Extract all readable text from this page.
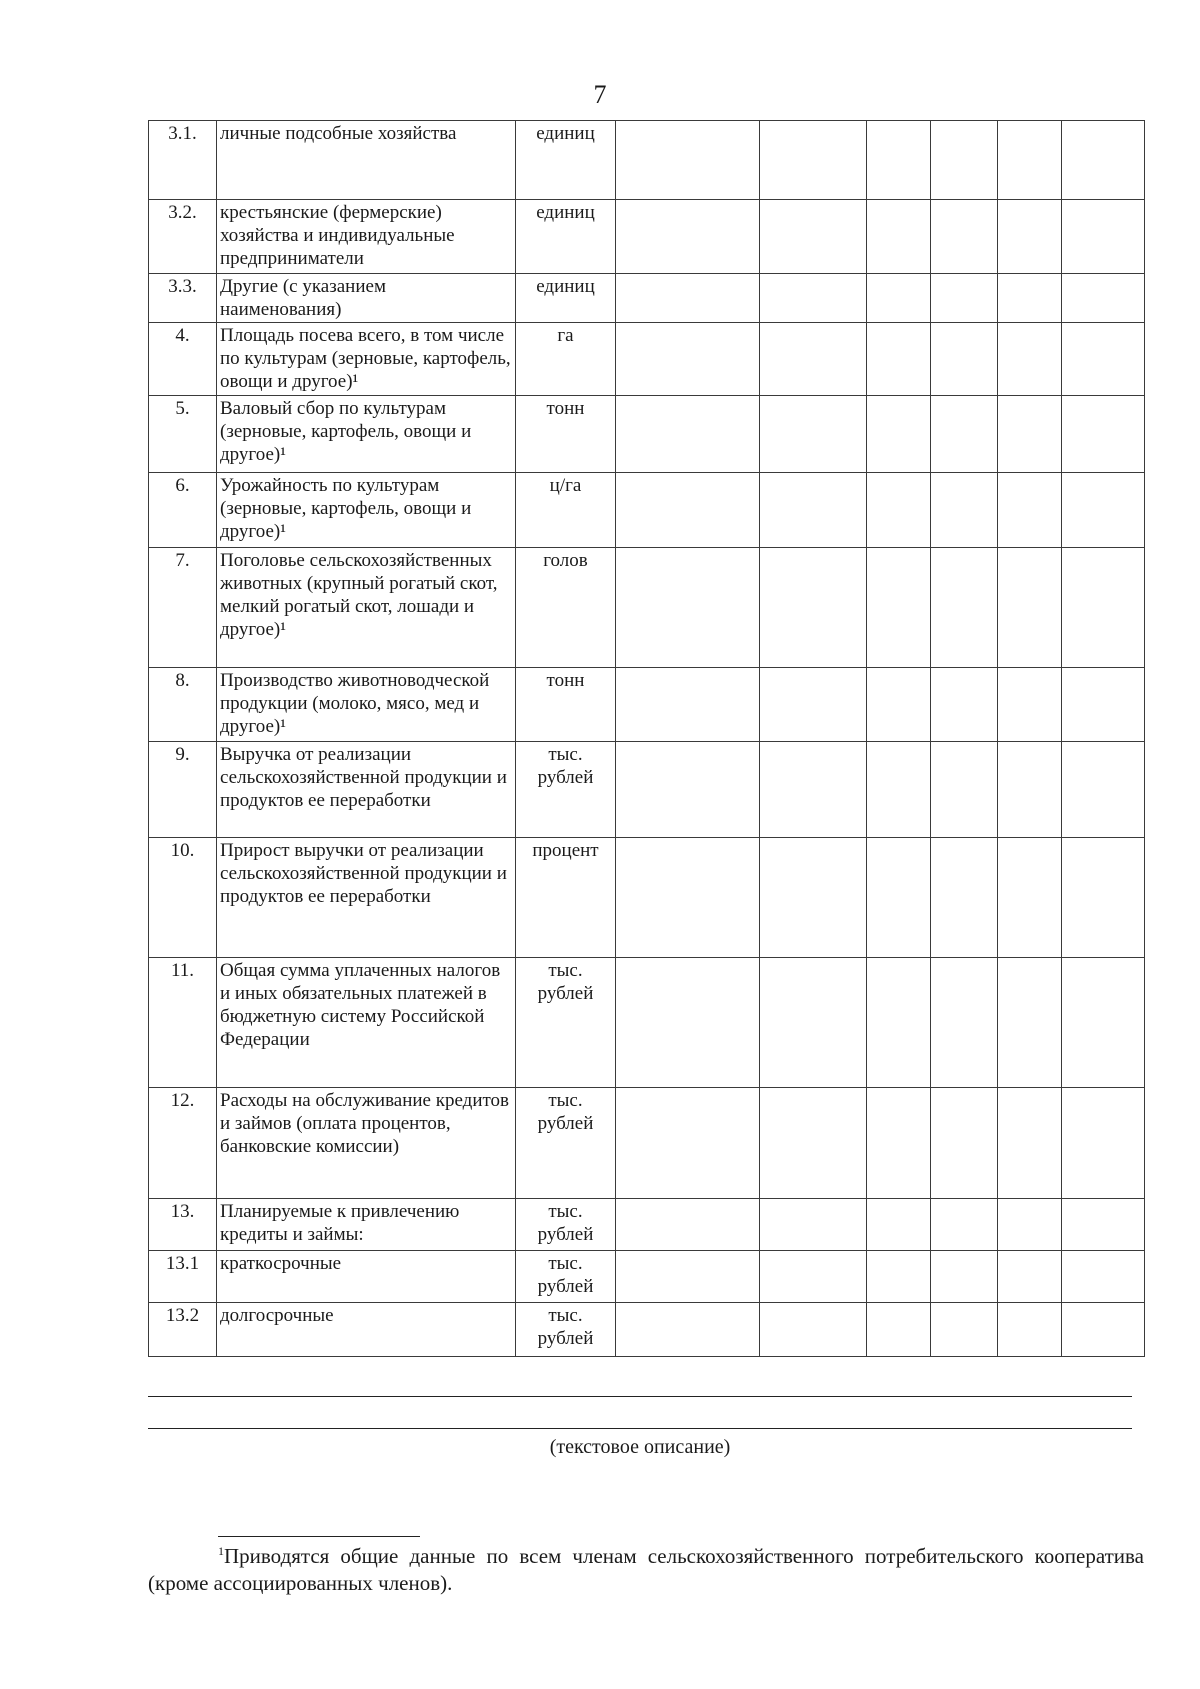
7
3.1.	личные подсобные хозяйства	единиц						
3.2.	крестьянские (фермерские) хозяйства и индивидуальные предприниматели	единиц						
3.3.	Другие (с указанием наименования)	единиц						
4.	Площадь посева всего, в том числе по культурам (зерновые, картофель, овощи и другое)¹	га						
5.	Валовый сбор по культурам (зерновые, картофель, овощи и другое)¹	тонн						
6.	Урожайность по культурам (зерновые, картофель, овощи и другое)¹	ц/га						
7.	Поголовье сельскохозяйственных животных (крупный рогатый скот, мелкий рогатый скот, лошади и другое)¹	голов						
8.	Производство животноводческой продукции (молоко, мясо, мед и другое)¹	тонн						
9.	Выручка от реализации сельскохозяйственной продукции и продуктов ее переработки	тыс. рублей						
10.	Прирост выручки от реализации сельскохозяйственной продукции и продуктов ее переработки	процент						
11.	Общая сумма уплаченных налогов и иных обязательных платежей в бюджетную систему Российской Федерации	тыс. рублей						
12.	Расходы на обслуживание кредитов и займов (оплата процентов, банковские комиссии)	тыс. рублей						
13.	Планируемые к привлечению кредиты и займы:	тыс. рублей						
13.1	краткосрочные	тыс. рублей						
13.2	долгосрочные	тыс. рублей						
(текстовое описание)
$^1$Приводятся общие данные по всем членам сельскохозяйственного потребительского кооператива (кроме ассоциированных членов).
